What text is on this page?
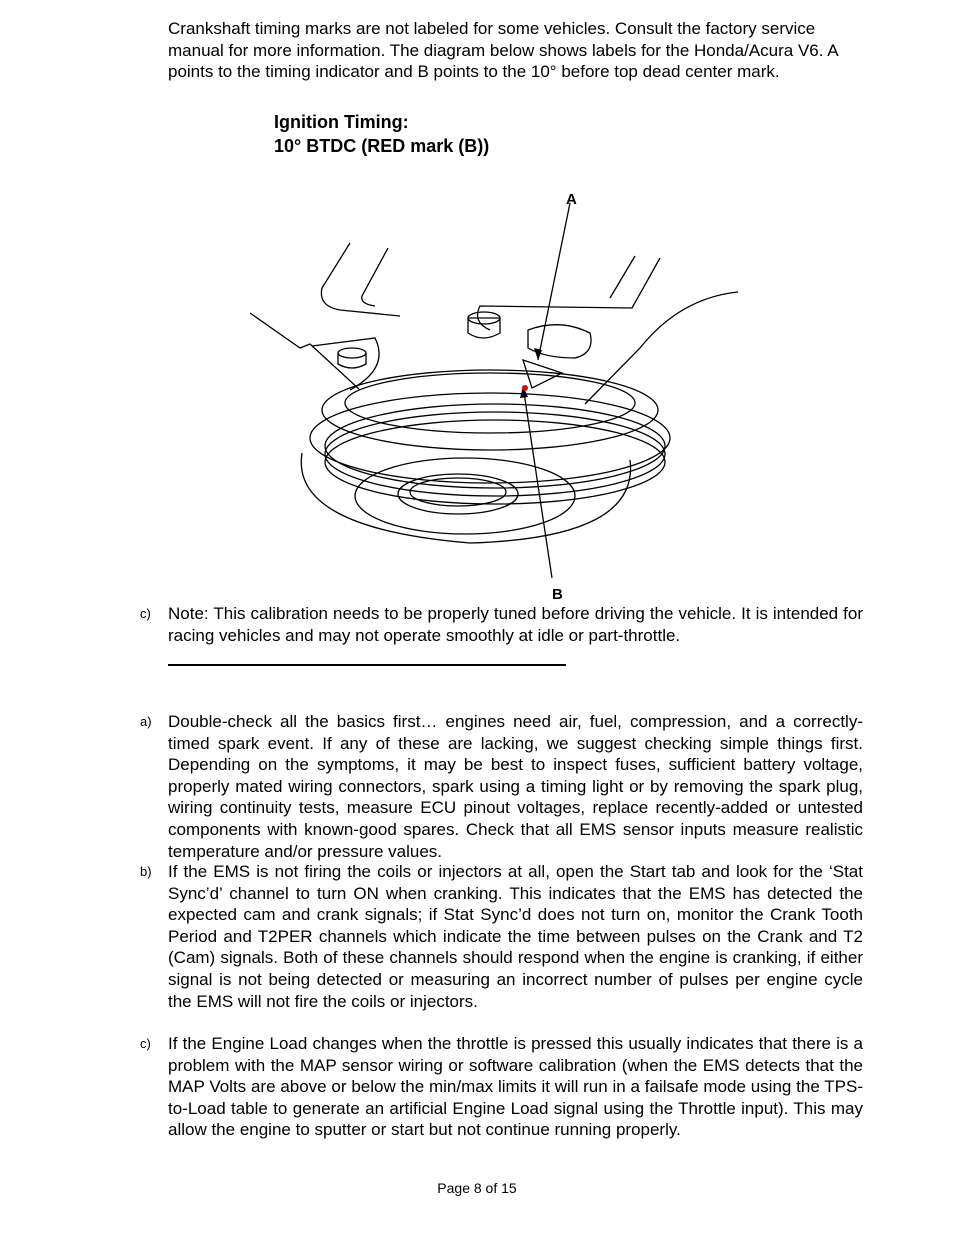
Crankshaft timing marks are not labeled for some vehicles. Consult the factory service manual for more information. The diagram below shows labels for the Honda/Acura V6. A points to the timing indicator and B points to the 10° before top dead center mark.

Ignition Timing:
10° BTDC (RED mark (B))
A
B
c) Note: This calibration needs to be properly tuned before driving the vehicle. It is intended for racing vehicles and may not operate smoothly at idle or part-throttle.

a) Double-check all the basics first… engines need air, fuel, compression, and a correctly-timed spark event. If any of these are lacking, we suggest checking simple things first. Depending on the symptoms, it may be best to inspect fuses, sufficient battery voltage, properly mated wiring connectors, spark using a timing light or by removing the spark plug, wiring continuity tests, measure ECU pinout voltages, replace recently-added or untested components with known-good spares. Check that all EMS sensor inputs measure realistic temperature and/or pressure values.

b) If the EMS is not firing the coils or injectors at all, open the Start tab and look for the ‘Stat Sync’d’ channel to turn ON when cranking. This indicates that the EMS has detected the expected cam and crank signals; if Stat Sync’d does not turn on, monitor the Crank Tooth Period and T2PER channels which indicate the time between pulses on the Crank and T2 (Cam) signals. Both of these channels should respond when the engine is cranking, if either signal is not being detected or measuring an incorrect number of pulses per engine cycle the EMS will not fire the coils or injectors.

c) If the Engine Load changes when the throttle is pressed this usually indicates that there is a problem with the MAP sensor wiring or software calibration (when the EMS detects that the MAP Volts are above or below the min/max limits it will run in a failsafe mode using the TPS-to-Load table to generate an artificial Engine Load signal using the Throttle input). This may allow the engine to sputter or start but not continue running properly.

Page 8 of 15
